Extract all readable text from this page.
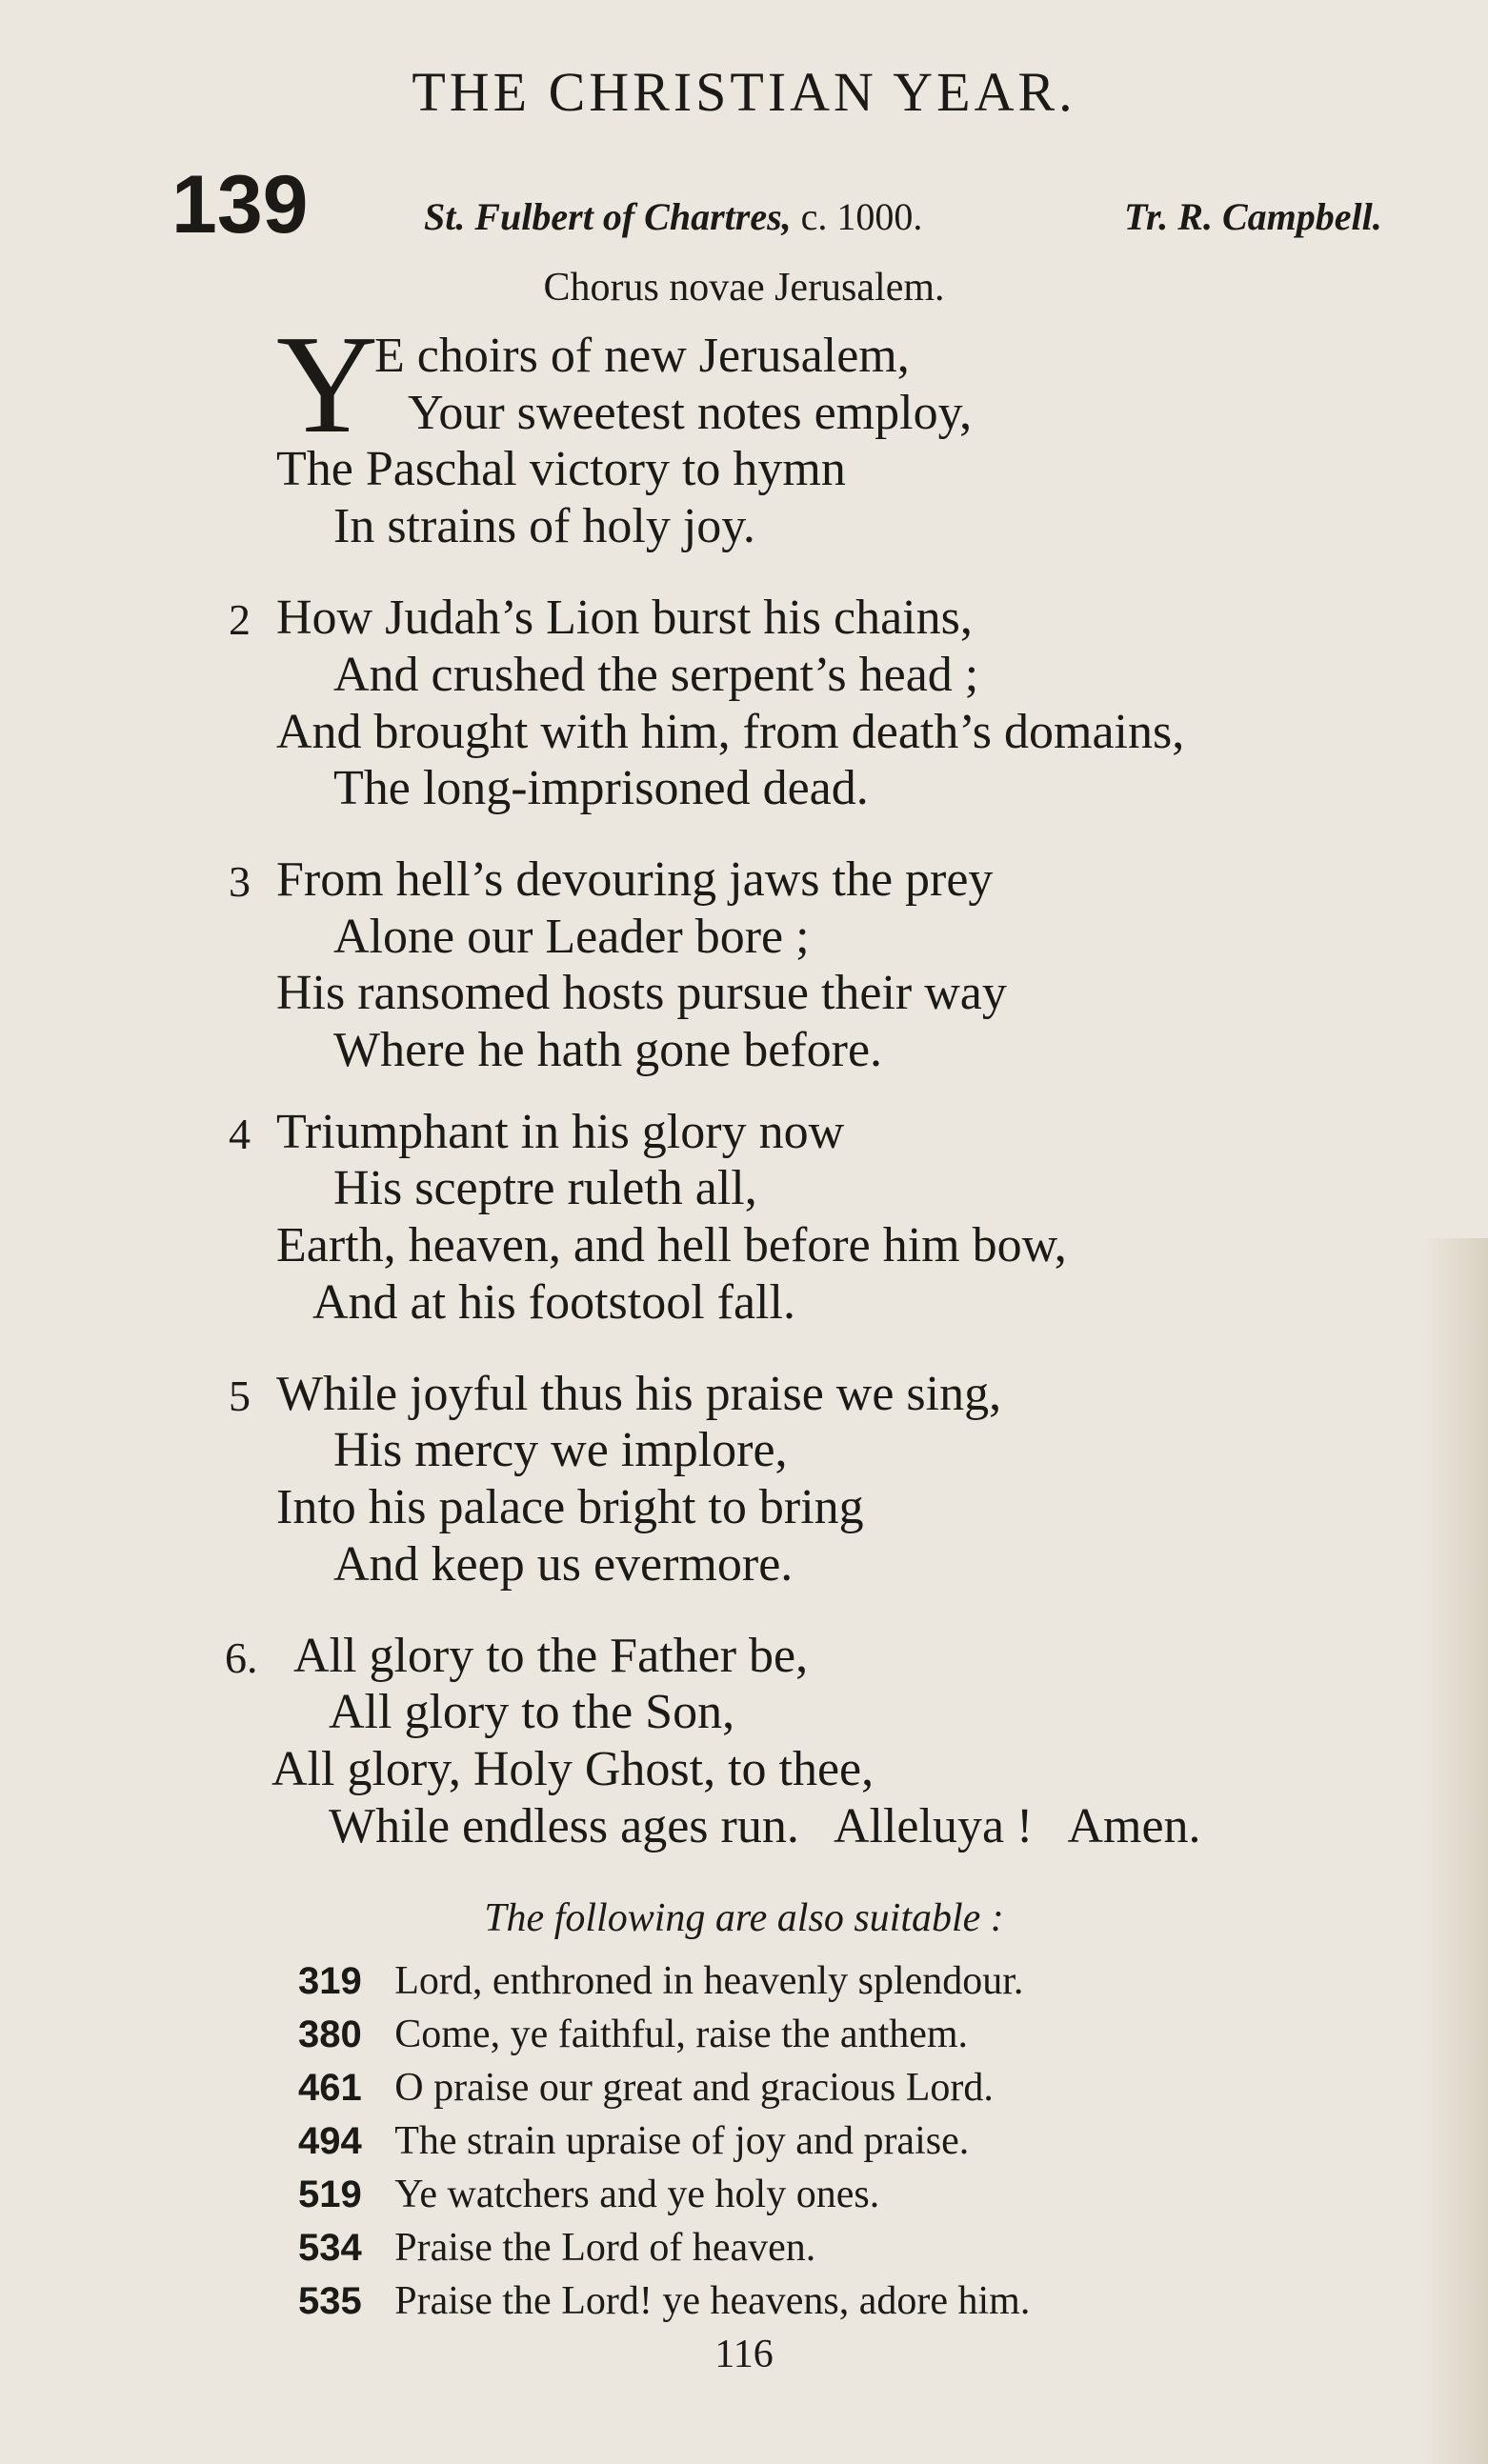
THE CHRISTIAN YEAR.
139	St. Fulbert of Chartres, c. 1000.	Tr. R. Campbell.
Chorus novae Jerusalem.
Y
E choirs of new Jerusalem,
Your sweetest notes employ,
The Paschal victory to hymn
In strains of holy joy.
2 How Judah’s Lion burst his chains,
And crushed the serpent’s head ;
And brought with him, from death’s domains,
The long-imprisoned dead.
3 From hell’s devouring jaws the prey
Alone our Leader bore ;
His ransomed hosts pursue their way
Where he hath gone before.
4 Triumphant in his glory now
His sceptre ruleth all,
Earth, heaven, and hell before him bow,
And at his footstool fall.
5 While joyful thus his praise we sing,
His mercy we implore,
Into his palace bright to bring
And keep us evermore.
6. All glory to the Father be,
All glory to the Son,
All glory, Holy Ghost, to thee,
While endless ages run.   Alleluya !   Amen.
The following are also suitable :
319 Lord, enthroned in heavenly splendour.
380 Come, ye faithful, raise the anthem.
461 O praise our great and gracious Lord.
494 The strain upraise of joy and praise.
519 Ye watchers and ye holy ones.
534 Praise the Lord of heaven.
535 Praise the Lord! ye heavens, adore him.
116
